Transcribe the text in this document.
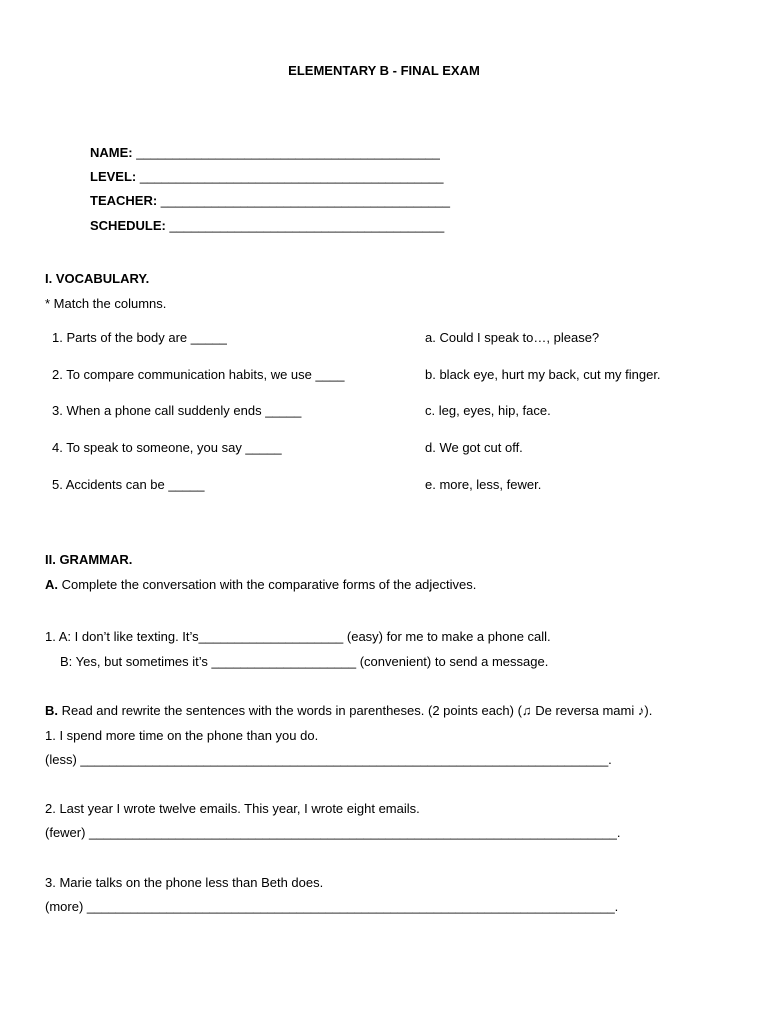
ELEMENTARY B - FINAL EXAM
NAME: __________________________________________
LEVEL: __________________________________________
TEACHER: ________________________________________
SCHEDULE: ______________________________________
I. VOCABULARY.
* Match the columns.
1. Parts of the body are _____	a. Could I speak to…, please?
2. To compare communication habits, we use ____	b. black eye, hurt my back, cut my finger.
3. When a phone call suddenly ends _____	c. leg, eyes, hip, face.
4. To speak to someone, you say _____	d. We got cut off.
5. Accidents can be _____	e. more, less, fewer.
II. GRAMMAR.
A. Complete the conversation with the comparative forms of the adjectives.
1. A: I don’t like texting. It’s____________________ (easy) for me to make a phone call.
B: Yes, but sometimes it’s ____________________ (convenient) to send a message.
B. Read and rewrite the sentences with the words in parentheses. (2 points each) (♫ De reversa mami ♪).
1. I spend more time on the phone than you do.
(less) _________________________________________________________________________.
2. Last year I wrote twelve emails. This year, I wrote eight emails.
(fewer) _________________________________________________________________________.
3. Marie talks on the phone less than Beth does.
(more) _________________________________________________________________________.
